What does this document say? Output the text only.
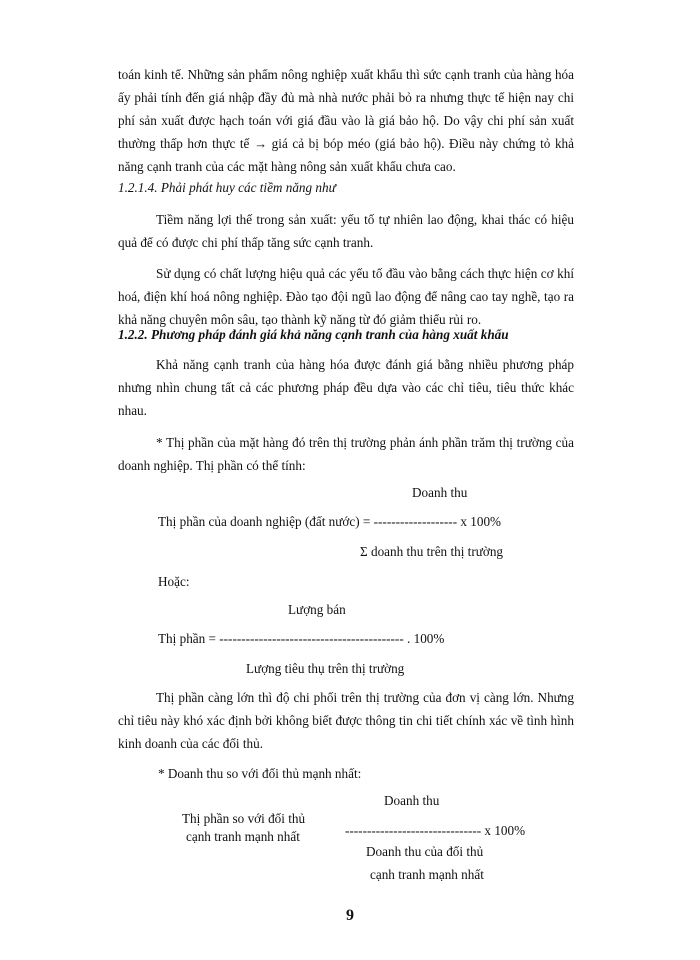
toán kinh tế. Những sản phẩm nông nghiệp xuất khẩu thì sức cạnh tranh của hàng hóa ấy phải tính đến giá nhập đầy đủ mà nhà nước phải bỏ ra nhưng thực tế hiện nay chi phí sản xuất được hạch toán với giá đầu vào là giá bảo hộ. Do vậy chi phí sản xuất thường thấp hơn thực tế → giá cả bị bóp méo (giá bảo hộ). Điều này chứng tỏ khả năng cạnh tranh của các mặt hàng nông sản xuất khẩu chưa cao.

1.2.1.4. Phải phát huy các tiềm năng như

Tiềm năng lợi thế trong sản xuất: yếu tố tự nhiên lao động, khai thác có hiệu quả để có được chi phí thấp tăng sức cạnh tranh.

Sử dụng có chất lượng hiệu quả các yếu tố đầu vào bằng cách thực hiện cơ khí hoá, điện khí hoá nông nghiệp. Đào tạo đội ngũ lao động để nâng cao tay nghề, tạo ra khả năng chuyên môn sâu, tạo thành kỹ năng từ đó giảm thiểu rủi ro.

1.2.2. Phương pháp đánh giá khả năng cạnh tranh của hàng xuất khẩu

Khả năng cạnh tranh của hàng hóa được đánh giá bằng nhiều phương pháp nhưng nhìn chung tất cả các phương pháp đều dựa vào các chỉ tiêu, tiêu thức khác nhau.

* Thị phần của mặt hàng đó trên thị trường phản ánh phần trăm thị trường của doanh nghiệp. Thị phần có thể tính:

Doanh thu

Thị phần của doanh nghiệp (đất nước) = ------------------- x 100%

Σ doanh thu trên thị trường

Hoặc:

Lượng bán

Thị phần = ------------------------------------------ . 100%

Lượng tiêu thụ trên thị trường

Thị phần càng lớn thì độ chi phối trên thị trường của đơn vị càng lớn. Nhưng chỉ tiêu này khó xác định bởi không biết được thông tin chi tiết chính xác về tình hình kinh doanh của các đối thủ.

* Doanh thu so với đối thủ mạnh nhất:

Doanh thu

Thị phần so với đối thủ

cạnh tranh mạnh nhất	------------------------------- x 100%

Doanh thu của đối thủ

cạnh tranh mạnh nhất

9
